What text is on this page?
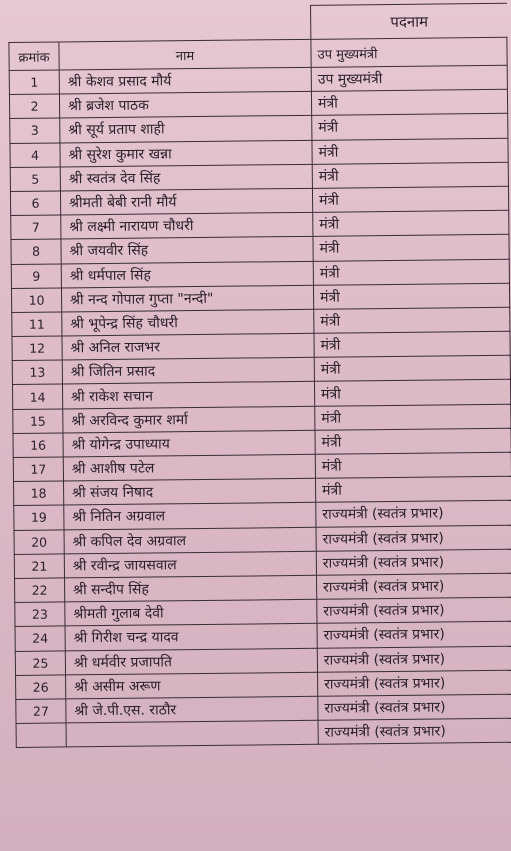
पदनाम
क्रमांक	नाम	उप मुख्यमंत्री
1	श्री केशव प्रसाद मौर्य	उप मुख्यमंत्री
2	श्री ब्रजेश पाठक	मंत्री
3	श्री सूर्य प्रताप शाही	मंत्री
4	श्री सुरेश कुमार खन्ना	मंत्री
5	श्री स्वतंत्र देव सिंह	मंत्री
6	श्रीमती बेबी रानी मौर्य	मंत्री
7	श्री लक्ष्मी नारायण चौधरी	मंत्री
8	श्री जयवीर सिंह	मंत्री
9	श्री धर्मपाल सिंह	मंत्री
10	श्री नन्द गोपाल गुप्ता "नन्दी"	मंत्री
11	श्री भूपेन्द्र सिंह चौधरी	मंत्री
12	श्री अनिल राजभर	मंत्री
13	श्री जितिन प्रसाद	मंत्री
14	श्री राकेश सचान	मंत्री
15	श्री अरविन्द कुमार शर्मा	मंत्री
16	श्री योगेन्द्र उपाध्याय	मंत्री
17	श्री आशीष पटेल	मंत्री
18	श्री संजय निषाद	मंत्री
19	श्री नितिन अग्रवाल	राज्यमंत्री (स्वतंत्र प्रभार)
20	श्री कपिल देव अग्रवाल	राज्यमंत्री (स्वतंत्र प्रभार)
21	श्री रवीन्द्र जायसवाल	राज्यमंत्री (स्वतंत्र प्रभार)
22	श्री सन्दीप सिंह	राज्यमंत्री (स्वतंत्र प्रभार)
23	श्रीमती गुलाब देवी	राज्यमंत्री (स्वतंत्र प्रभार)
24	श्री गिरीश चन्द्र यादव	राज्यमंत्री (स्वतंत्र प्रभार)
25	श्री धर्मवीर प्रजापति	राज्यमंत्री (स्वतंत्र प्रभार)
26	श्री असीम अरूण	राज्यमंत्री (स्वतंत्र प्रभार)
27	श्री जे.पी.एस. राठौर	राज्यमंत्री (स्वतंत्र प्रभार)
		राज्यमंत्री (स्वतंत्र प्रभार)
